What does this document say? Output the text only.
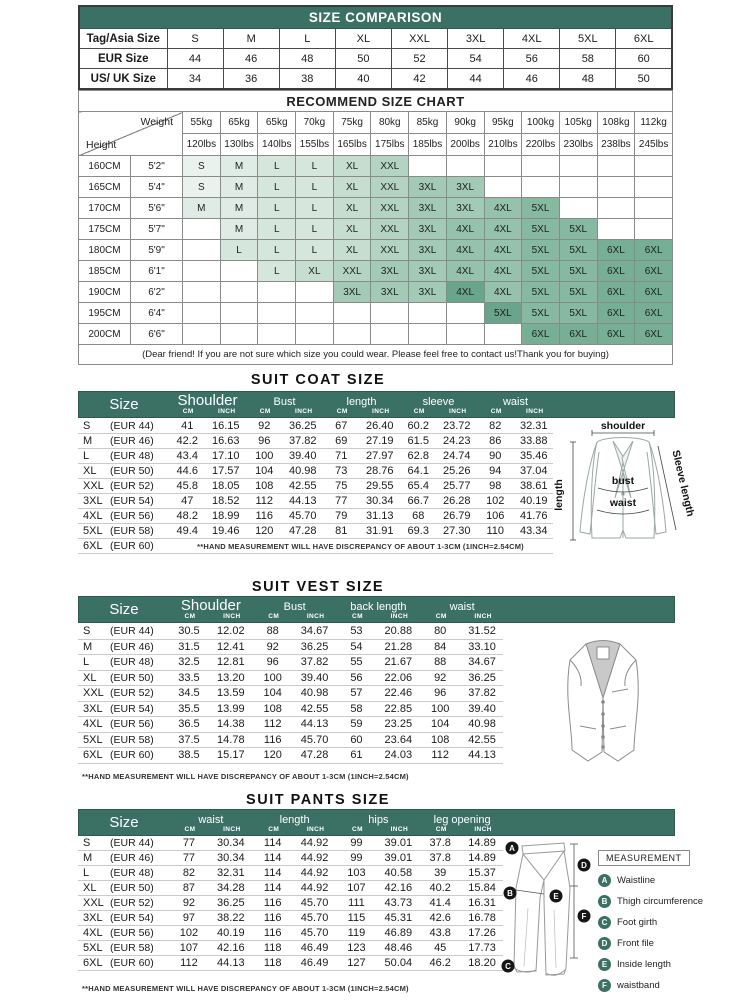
SIZE COMPARISON									

Tag/Asia Size	S	M	L	XL	XXL	3XL	4XL	5XL	6XL
EUR Size	44	46	48	50	52	54	56	58	60
US/ UK Size	34	36	38	40	42	44	46	48	50
RECOMMEND SIZE CHART														

Weight
Height		55kg	65kg	65kg	70kg	75kg	80kg	85kg	90kg	95kg	100kg	105kg	108kg	112kg
		120lbs	130lbs	140lbs	155lbs	165lbs	175lbs	185lbs	200lbs	210lbs	220lbs	230lbs	238lbs	245lbs
160CM	5'2"	S	M	L	L	XL	XXL							
165CM	5'4"	S	M	L	L	XL	XXL	3XL	3XL					
170CM	5'6"	M	M	L	L	XL	XXL	3XL	3XL	4XL	5XL			
175CM	5'7"		M	L	L	XL	XXL	3XL	4XL	4XL	5XL	5XL		
180CM	5'9"		L	L	L	XL	XXL	3XL	4XL	4XL	5XL	5XL	6XL	6XL
185CM	6'1"			L	XL	XXL	3XL	3XL	4XL	4XL	5XL	5XL	6XL	6XL
190CM	6'2"					3XL	3XL	3XL	4XL	4XL	5XL	5XL	6XL	6XL
195CM	6'4"									5XL	5XL	5XL	6XL	6XL
200CM	6'6"										6XL	6XL	6XL	6XL
(Dear friend! If you are not sure which size you could wear. Please feel free to contact us!Thank you for buying)														
SUIT COAT SIZE
Size	Shoulder
CM	INCH
Bust
CM	INCH
length
CM	INCH
sleeve
CM	INCH
waist
CM	INCH
S	(EUR 44)	41	16.15	92	36.25	67	26.40	60.2	23.72	82	32.31
M	(EUR 46)	42.2	16.63	96	37.82	69	27.19	61.5	24.23	86	33.88
L	(EUR 48)	43.4	17.10	100	39.40	71	27.97	62.8	24.74	90	35.46
XL	(EUR 50)	44.6	17.57	104	40.98	73	28.76	64.1	25.26	94	37.04
XXL (EUR 52)	45.8	18.05	108	42.55	75	29.55	65.4	25.77	98	38.61
3XL (EUR 54)	47	18.52	112	44.13	77	30.34	66.7	26.28	102	40.19
4XL (EUR 56)	48.2	18.99	116	45.70	79	31.13	68	26.79	106	41.76
5XL (EUR 58)	49.4	19.46	120	47.28	81	31.91	69.3	27.30	110	43.34
6XL (EUR 60)	**HAND MEASUREMENT WILL HAVE DISCREPANCY OF ABOUT 1-3CM (1INCH=2.54CM)
shoulder
length	bust
waist	Sleeve length
SUIT VEST SIZE
Size	Shoulder
CM	INCH
Bust
CM	INCH
back length
CM	INCH
waist
CM	INCH
S	(EUR 44)	30.5	12.02	88	34.67	53	20.88	80	31.52
M	(EUR 46)	31.5	12.41	92	36.25	54	21.28	84	33.10
L	(EUR 48)	32.5	12.81	96	37.82	55	21.67	88	34.67
XL	(EUR 50)	33.5	13.20	100	39.40	56	22.06	92	36.25
XXL (EUR 52)	34.5	13.59	104	40.98	57	22.46	96	37.82
3XL (EUR 54)	35.5	13.99	108	42.55	58	22.85	100	39.40
4XL (EUR 56)	36.5	14.38	112	44.13	59	23.25	104	40.98
5XL (EUR 58)	37.5	14.78	116	45.70	60	23.64	108	42.55
6XL (EUR 60)	38.5	15.17	120	47.28	61	24.03	112	44.13
**HAND MEASUREMENT WILL HAVE DISCREPANCY OF ABOUT 1-3CM (1INCH=2.54CM)
SUIT PANTS SIZE
Size	waist
CM	INCH
length
CM	INCH
hips
CM	INCH
leg opening
CM	INCH
S	(EUR 44)	77	30.34	114	44.92	99	39.01	37.8	14.89
M	(EUR 46)	77	30.34	114	44.92	99	39.01	37.8	14.89
L	(EUR 48)	82	32.31	114	44.92	103	40.58	39	15.37
XL	(EUR 50)	87	34.28	114	44.92	107	42.16	40.2	15.84
XXL (EUR 52)	92	36.25	116	45.70	111	43.73	41.4	16.31
3XL (EUR 54)	97	38.22	116	45.70	115	45.31	42.6	16.78
4XL (EUR 56)	102	40.19	116	45.70	119	46.89	43.8	17.26
5XL (EUR 58)	107	42.16	118	46.49	123	48.46	45	17.73
6XL (EUR 60)	112	44.13	118	46.49	127	50.04	46.2	18.20
**HAND MEASUREMENT WILL HAVE DISCREPANCY OF ABOUT 1-3CM (1INCH=2.54CM)
A
B
C
D
E
F
MEASUREMENT
A	Waistline
B	Thigh circumference
C	Foot girth
D	Front file
E	Inside length
F	waistband
